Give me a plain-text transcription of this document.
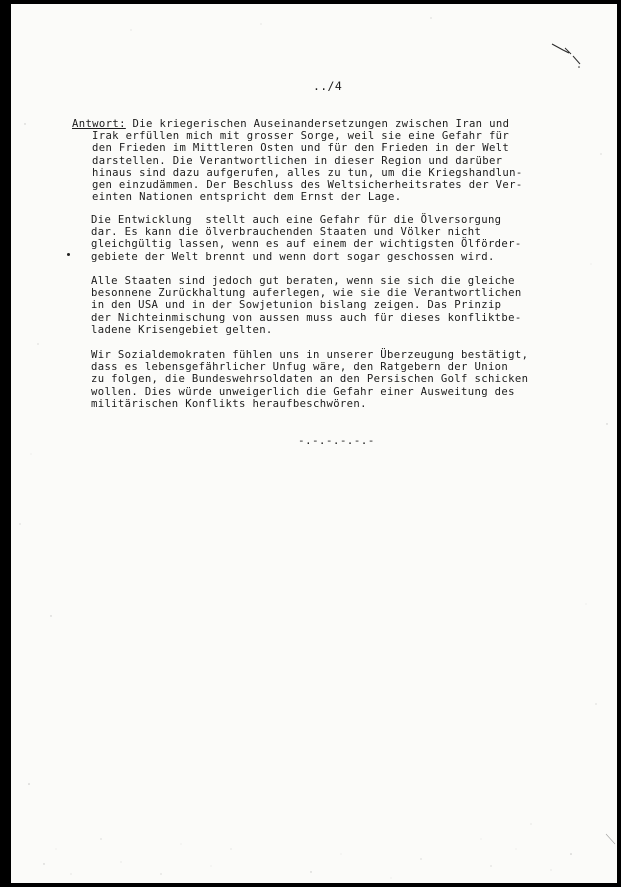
../4
Antwort: Die kriegerischen Auseinandersetzungen zwischen Iran und
Irak erfüllen mich mit grosser Sorge, weil sie eine Gefahr für
den Frieden im Mittleren Osten und für den Frieden in der Welt
darstellen. Die Verantwortlichen in dieser Region und darüber
hinaus sind dazu aufgerufen, alles zu tun, um die Kriegshandlun-
gen einzudämmen. Der Beschluss des Weltsicherheitsrates der Ver-
einten Nationen entspricht dem Ernst der Lage.
Die Entwicklung  stellt auch eine Gefahr für die Ölversorgung
dar. Es kann die ölverbrauchenden Staaten und Völker nicht
gleichgültig lassen, wenn es auf einem der wichtigsten Ölförder-
gebiete der Welt brennt und wenn dort sogar geschossen wird.
Alle Staaten sind jedoch gut beraten, wenn sie sich die gleiche
besonnene Zurückhaltung auferlegen, wie sie die Verantwortlichen
in den USA und in der Sowjetunion bislang zeigen. Das Prinzip
der Nichteinmischung von aussen muss auch für dieses konfliktbe-
ladene Krisengebiet gelten.
Wir Sozialdemokraten fühlen uns in unserer Überzeugung bestätigt,
dass es lebensgefährlicher Unfug wäre, den Ratgebern der Union
zu folgen, die Bundeswehrsoldaten an den Persischen Golf schicken
wollen. Dies würde unweigerlich die Gefahr einer Ausweitung des
militärischen Konflikts heraufbeschwören.
-.-.-.-.-.-
